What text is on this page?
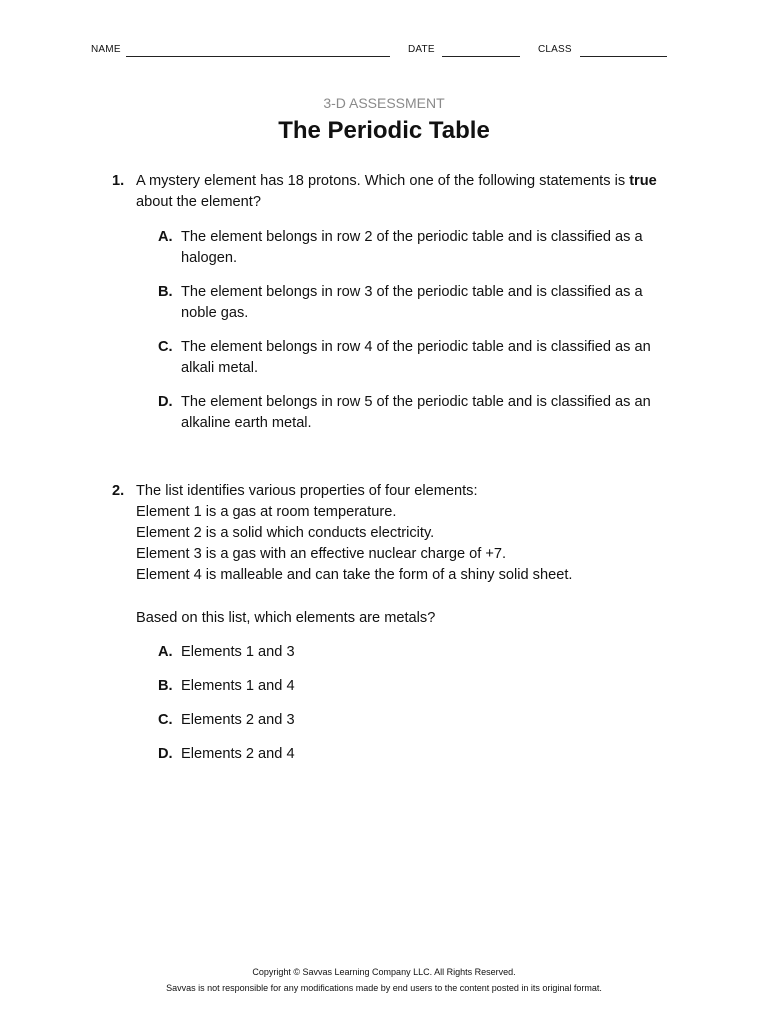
NAME	DATE	CLASS
3-D ASSESSMENT
The Periodic Table
1. A mystery element has 18 protons. Which one of the following statements is true about the element?
A. The element belongs in row 2 of the periodic table and is classified as a halogen.
B. The element belongs in row 3 of the periodic table and is classified as a noble gas.
C. The element belongs in row 4 of the periodic table and is classified as an alkali metal.
D. The element belongs in row 5 of the periodic table and is classified as an alkaline earth metal.
2. The list identifies various properties of four elements:

Element 1 is a gas at room temperature.

Element 2 is a solid which conducts electricity.

Element 3 is a gas with an effective nuclear charge of +7.

Element 4 is malleable and can take the form of a shiny solid sheet.

Based on this list, which elements are metals?

A. Elements 1 and 3
B. Elements 1 and 4
C. Elements 2 and 3
D. Elements 2 and 4
Copyright © Savvas Learning Company LLC. All Rights Reserved.
Savvas is not responsible for any modifications made by end users to the content posted in its original format.
